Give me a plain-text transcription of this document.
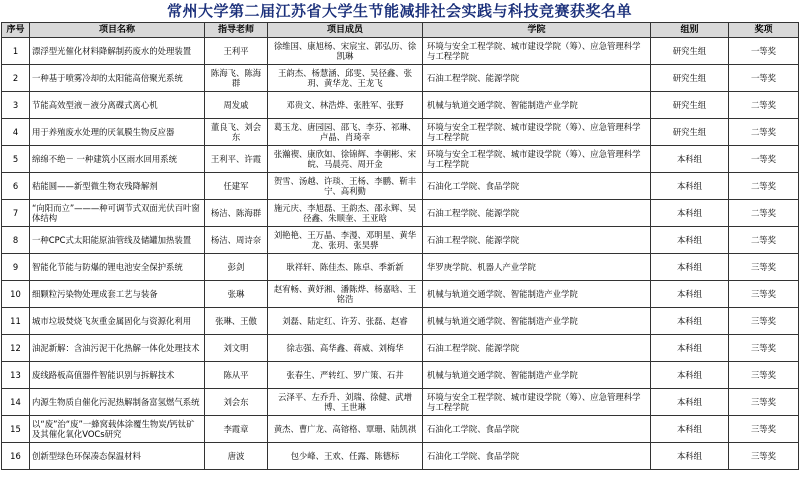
常州大学第二届江苏省大学生节能减排社会实践与科技竞赛获奖名单
序号	项目名称	指导老师	项目成员	学院	组别	奖项
1	漂浮型光催化材料降解制药废水的处理装置	王利平	徐维国、康旭杨、宋宸宝、郭弘历、徐凯琳	环境与安全工程学院、城市建设学院（筹）、应急管理科学与工程学院	研究生组	一等奖
2	一种基于喷雾冷却的太阳能高倍聚光系统	陈海飞、陈海群	王韵杰、杨慧涵、邱雯、吴径鑫、张玥、黄华龙、王龙飞	石油工程学院、能源学院	研究生组	一等奖
3	节能高效型液－液分离碟式离心机	周发戚	邓贵文、林浩烨、张胜军、张野	机械与轨道交通学院、智能制造产业学院	研究生组	二等奖
4	用于养殖废水处理的厌氧膜生物反应器	董良飞、刘会东	葛玉龙、唐园园、邵飞、李芬、祁琳、卢晶、肖琦幸	环境与安全工程学院、城市建设学院（筹）、应急管理科学与工程学院	研究生组	二等奖
5	绵绵不绝－ 一种建筑小区雨水回用系统	王利平、许霞	张瀚禊、康欣如、徐锦辉、李朝彬、宋皖、马晨亮、周开金	环境与安全工程学院、城市建设学院（筹）、应急管理科学与工程学院	本科组	一等奖
6	秸能圆——新型微生物农残降解剂	任建军	贺雪、汤越、许琰、王杨、李鹏、靳丰宁、高利勤	石油化工学院、食品学院	本科组	二等奖
7	“向阳而立”———种可调节式双面光伏百叶窗体结构	杨洁、陈海群	施元庆、李旭磊、王韵杰、邵永辉、吴径鑫、朱顺奎、王亚晗	石油工程学院、能源学院	本科组	二等奖
8	一种CPC式太阳能原油管线及储罐加热装置	杨洁、周诗奈	刘艳艳、王万晶、李漫、邓明星、黄华龙、张玥、张昊骅	石油工程学院、能源学院	本科组	二等奖
9	智能化节能与防爆的锂电池安全保护系统	彭剑	耿祥轩、陈佳杰、陈卓、季新新	华罗庚学院、机器人产业学院	本科组	三等奖
10	细颗粒污染物处理成套工艺与装备	张琳	赵宥畅、黄妤湘、潘陈烨、杨嘉晗、王铭浩	机械与轨道交通学院、智能制造产业学院	本科组	三等奖
11	城市垃圾焚烧飞灰重金属固化与资源化利用	张琳、王傲	刘磊、陆定红、许芳、张磊、赵睿	机械与轨道交通学院、智能制造产业学院	本科组	三等奖
12	油泥新解：含油污泥干化热解一体化处理技术	刘文明	徐志强、高华鑫、蒋威、刘梅华	石油工程学院、能源学院	本科组	三等奖
13	废线路板高值器件智能识别与拆解技术	陈从平	张春生、严转红、罗广策、石井	机械与轨道交通学院、智能制造产业学院	本科组	三等奖
14	内源生物质自催化污泥热解制备富氢燃气系统	刘会东	云泽平、左乔升、刘瑞、徐健、武增博、王世琳	环境与安全工程学院、城市建设学院（筹）、应急管理科学与工程学院	本科组	三等奖
15	以“废”治“废”一蜂窝载体涂覆生物炭/钙钛矿及其催化氧化VOCs研究	李霞章	黄杰、曹广龙、高镕格、覃珊、陆凯祺	石油化工学院、食品学院	本科组	三等奖
16	创新型绿色环保凑态保温材料	唐波	包少峰、王欢、任露、陈德标	石油化工学院、食品学院	本科组	三等奖
